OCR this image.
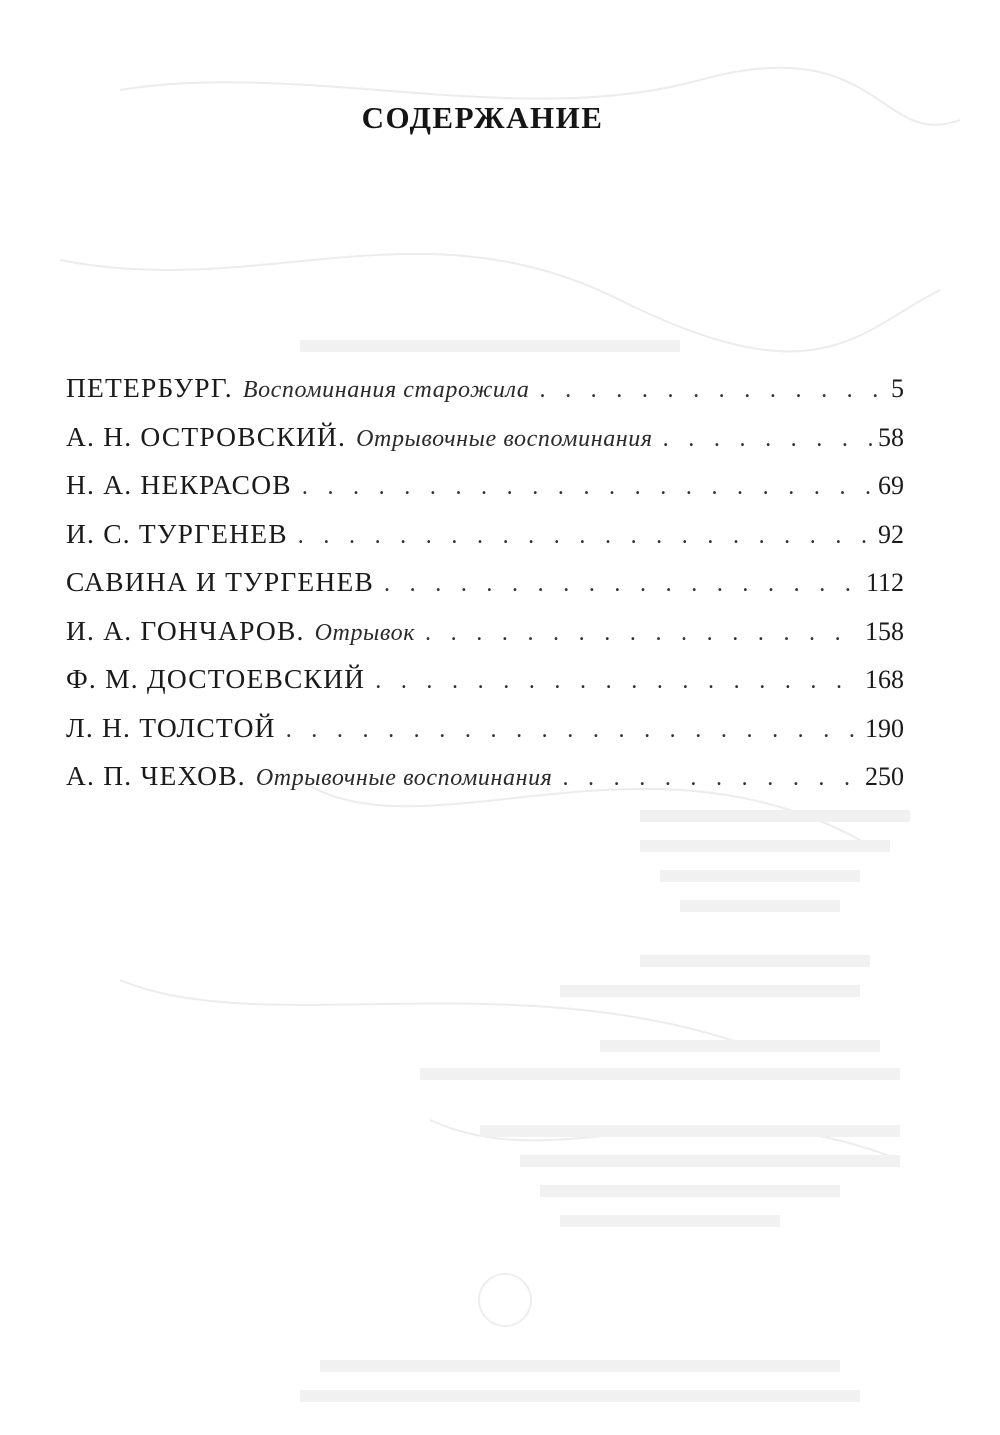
СОДЕРЖАНИЕ
ПЕТЕРБУРГ. Воспоминания старожила . . .	5
А. Н. ОСТРОВСКИЙ. Отрывочные воспоминания . . .	58
Н. А. НЕКРАСОВ . . .	69
И. С. ТУРГЕНЕВ . . .	92
САВИНА И ТУРГЕНЕВ . . .	112
И. А. ГОНЧАРОВ. Отрывок . . .	158
Ф. М. ДОСТОЕВСКИЙ . . .	168
Л. Н. ТОЛСТОЙ . . .	190
А. П. ЧЕХОВ. Отрывочные воспоминания . . .	250
